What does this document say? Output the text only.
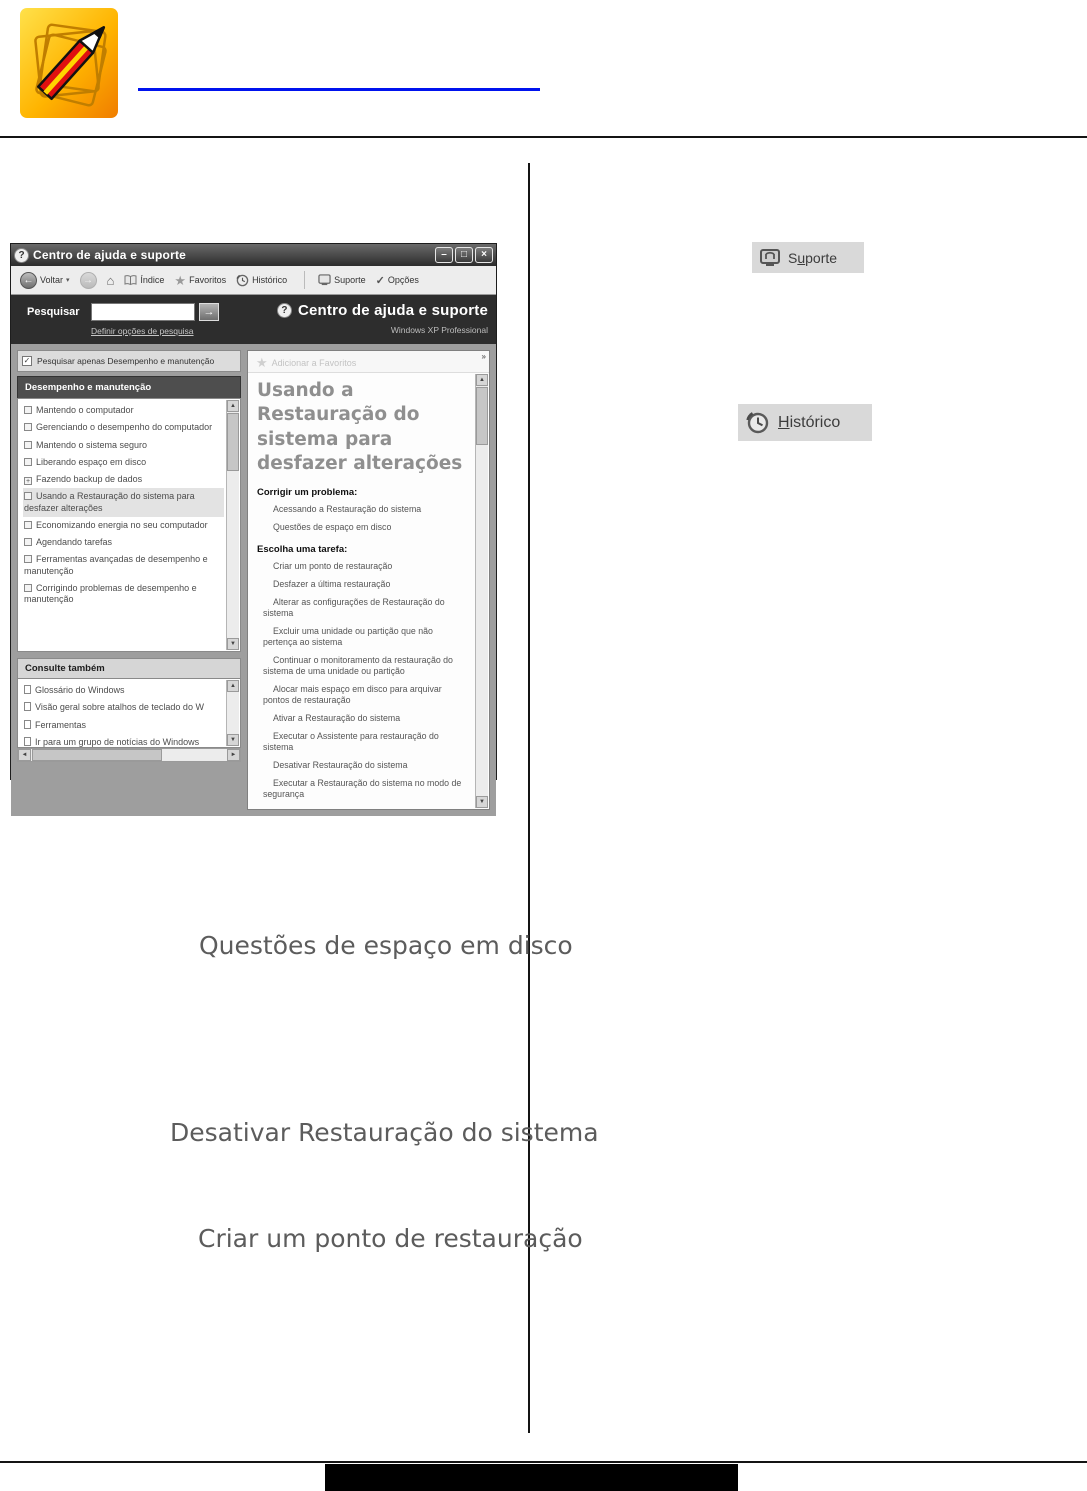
? Centro de ajuda e suporte	–	□	×
← Voltar ▾	→ ⌂	Índice ★ Favoritos	Histórico	Suporte ✓ Opções
Pesquisar	→
Definir opções de pesquisa
? Centro de ajuda e suporte
Windows XP Professional
✓ Pesquisar apenas Desempenho e manutenção
Desempenho e manutenção
Mantendo o computador
Gerenciando o desempenho do computador
Mantendo o sistema seguro
Liberando espaço em disco
+ Fazendo backup de dados
Usando a Restauração do sistema para desfazer alterações
Economizando energia no seu computador
Agendando tarefas
Ferramentas avançadas de desempenho e manutenção
Corrigindo problemas de desempenho e manutenção
▲
▼
Consulte também
Glossário do Windows
Visão geral sobre atalhos de teclado do W
Ferramentas
Ir para um grupo de notícias do Windows
▲
▼
◄	►
»
★ Adicionar a Favoritos
Usando a Restauração do sistema para desfazer alterações
Corrigir um problema:
Acessando a Restauração do sistema
Questões de espaço em disco
Escolha uma tarefa:
Criar um ponto de restauração
Desfazer a última restauração
Alterar as configurações de Restauração do sistema
Excluir uma unidade ou partição que não pertença ao sistema
Continuar o monitoramento da restauração do sistema de uma unidade ou partição
Alocar mais espaço em disco para arquivar pontos de restauração
Ativar a Restauração do sistema
Executar o Assistente para restauração do sistema
Desativar Restauração do sistema
Executar a Restauração do sistema no modo de segurança
▲
▼
Suporte
Histórico
Questões de espaço em disco
Desativar Restauração do sistema
Criar um ponto de restauração
